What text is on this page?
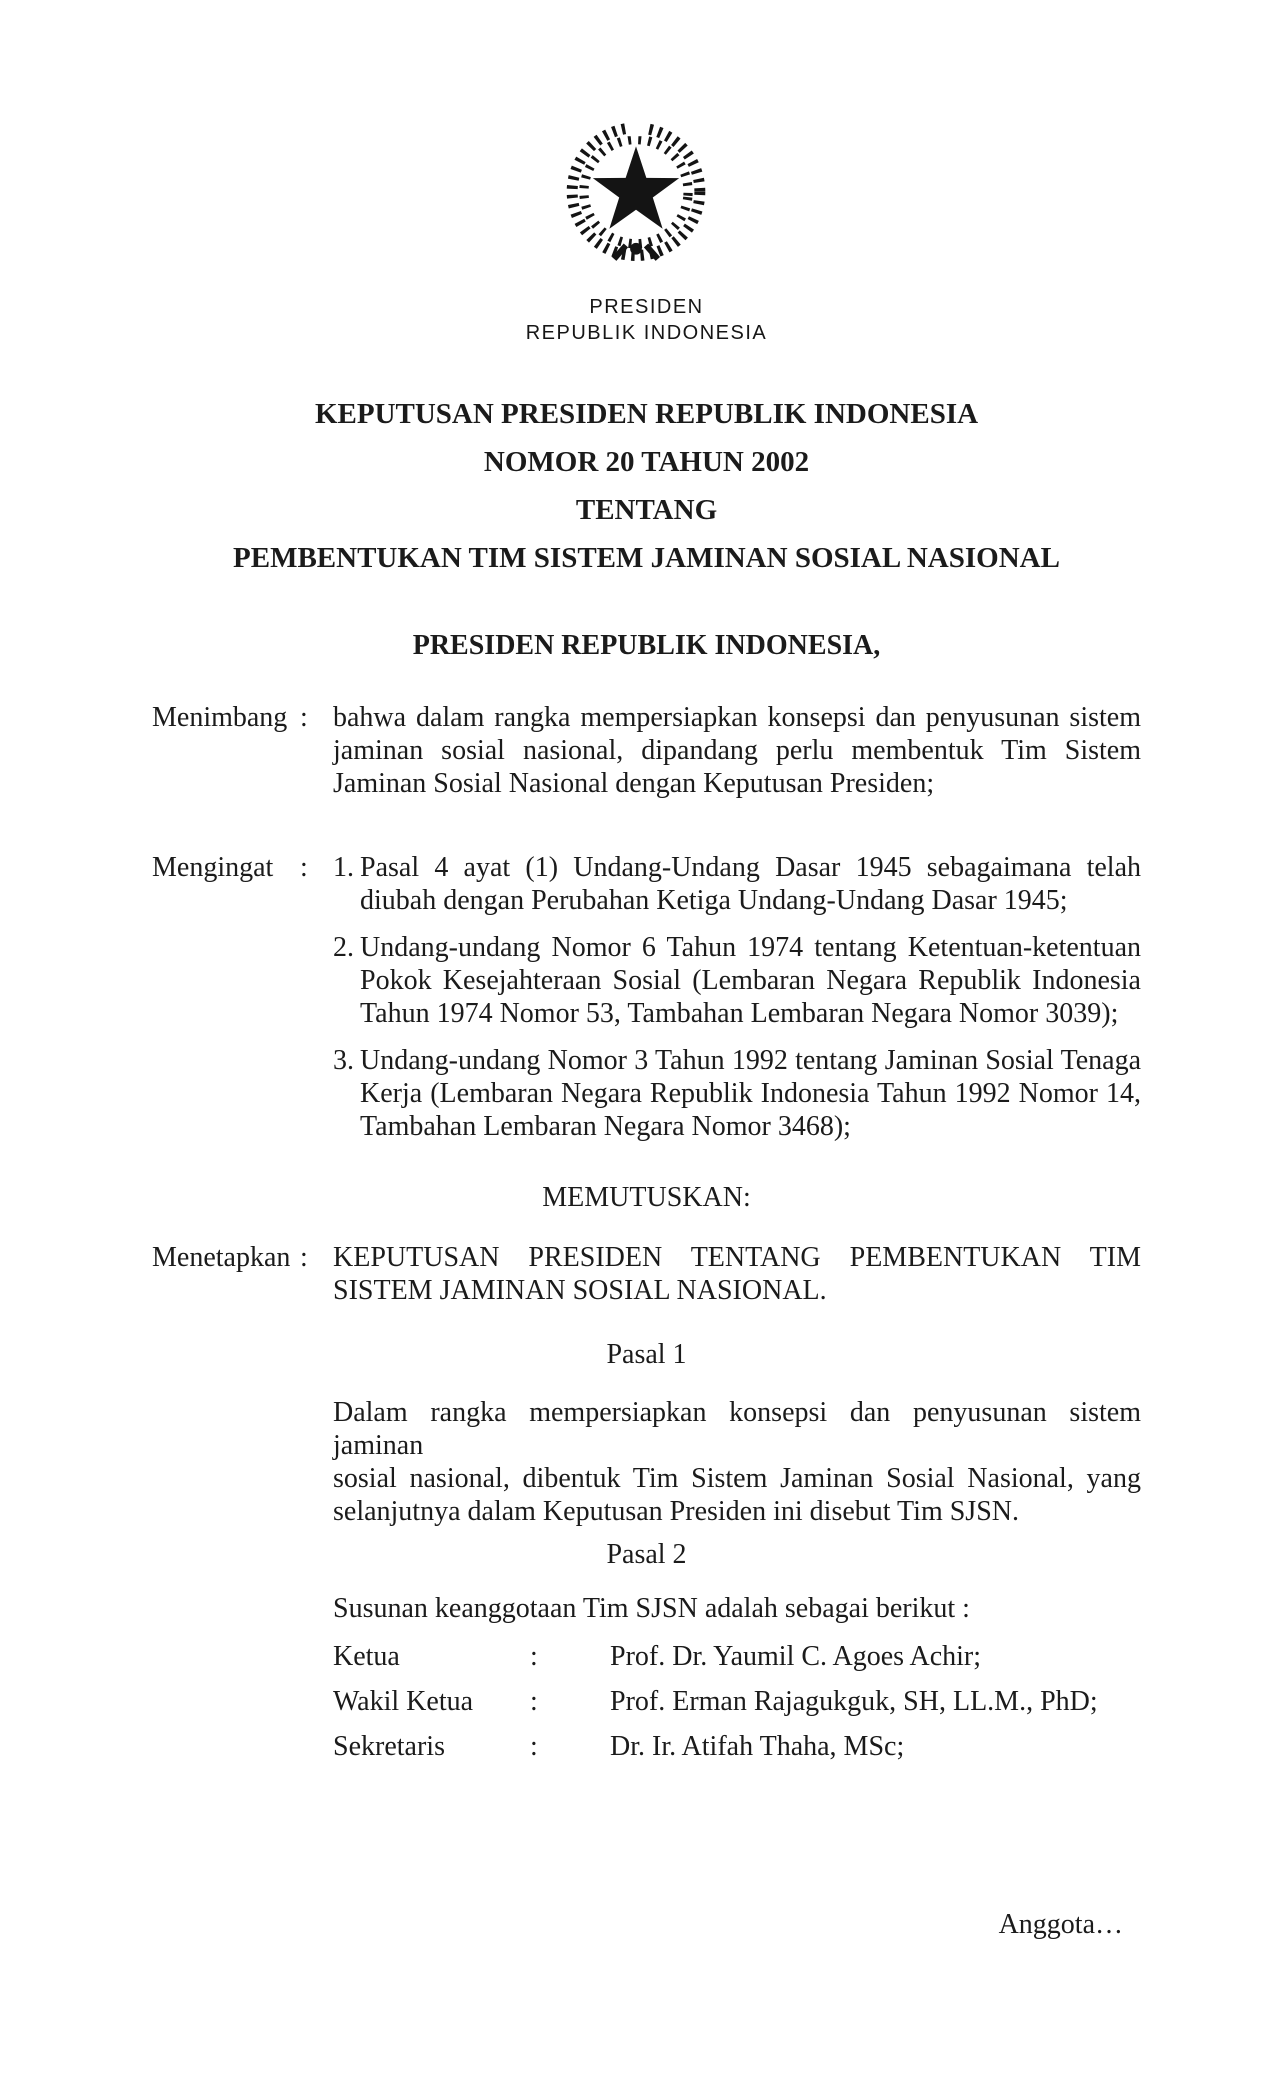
PRESIDEN
REPUBLIK INDONESIA
KEPUTUSAN PRESIDEN REPUBLIK INDONESIA
NOMOR 20 TAHUN 2002
TENTANG
PEMBENTUKAN TIM SISTEM JAMINAN SOSIAL NASIONAL
PRESIDEN REPUBLIK INDONESIA,
Menimbang : bahwa dalam rangka mempersiapkan konsepsi dan penyusunan sistem
jaminan sosial nasional, dipandang perlu membentuk Tim Sistem
Jaminan Sosial Nasional dengan Keputusan Presiden;
Mengingat : 1. Pasal 4 ayat (1) Undang-Undang Dasar 1945 sebagaimana telah
diubah dengan Perubahan Ketiga Undang-Undang Dasar 1945;
2. Undang-undang Nomor 6 Tahun 1974 tentang Ketentuan-ketentuan
Pokok Kesejahteraan Sosial (Lembaran Negara Republik Indonesia
Tahun 1974 Nomor 53, Tambahan Lembaran Negara Nomor 3039);
3. Undang-undang Nomor 3 Tahun 1992 tentang Jaminan Sosial Tenaga
Kerja (Lembaran Negara Republik Indonesia Tahun 1992 Nomor 14,
Tambahan Lembaran Negara Nomor 3468);
MEMUTUSKAN:
Menetapkan : KEPUTUSAN PRESIDEN TENTANG PEMBENTUKAN TIM
SISTEM JAMINAN SOSIAL NASIONAL.
Pasal 1
Dalam rangka mempersiapkan konsepsi dan penyusunan sistem jaminan
sosial nasional, dibentuk Tim Sistem Jaminan Sosial Nasional, yang
selanjutnya dalam Keputusan Presiden ini disebut Tim SJSN.
Pasal 2
Susunan keanggotaan Tim SJSN adalah sebagai berikut :
Ketua	:	Prof. Dr. Yaumil C. Agoes Achir;
Wakil Ketua	:	Prof. Erman Rajagukguk, SH, LL.M., PhD;
Sekretaris	:	Dr. Ir. Atifah Thaha, MSc;
Anggota…
